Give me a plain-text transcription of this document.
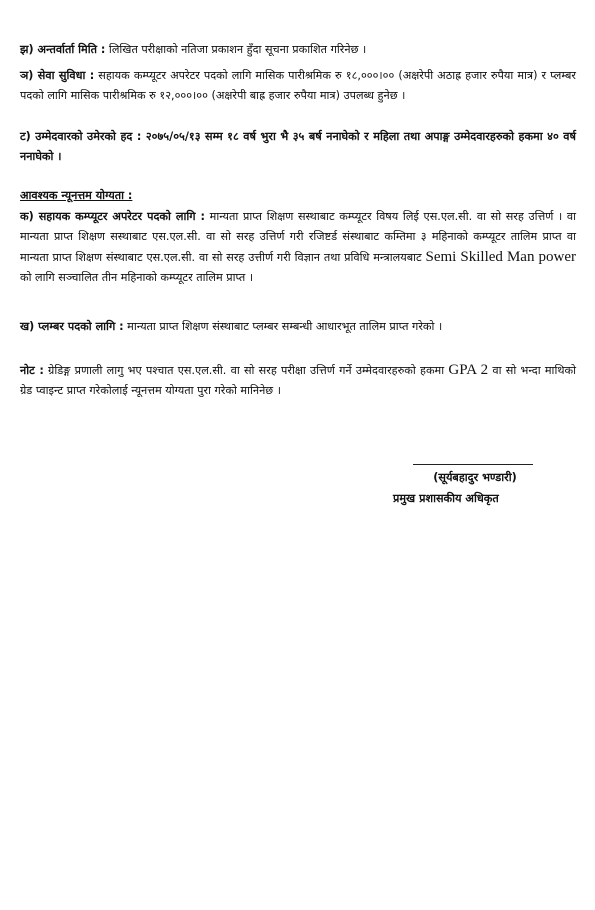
झ) अन्तर्वार्ता मिति : लिखित परीक्षाको नतिजा प्रकाशन हुँदा सूचना प्रकाशित गरिनेछ ।
ञ) सेवा सुविधा : सहायक कम्प्यूटर अपरेटर पदको लागि मासिक पारीश्रमिक रु १८,०००।०० (अक्षरेपी अठाह्र हजार रुपैया मात्र) र प्लम्बर पदको लागि मासिक पारीश्रमिक रु १२,०००।०० (अक्षरेपी बाह्र हजार रुपैया मात्र) उपलब्ध हुनेछ ।
ट) उम्मेदवारको उमेरको हद : २०७५/०५/१३ सम्म १८ वर्ष भुरा भै ३५ बर्ष ननाघेको र महिला तथा अपाङ्ग उम्मेदवारहरुको हकमा ४० वर्ष ननाघेको ।
आवश्यक न्यूनत्तम योग्यता :
क) सहायक कम्प्यूटर अपरेटर पदको लागि : मान्यता प्राप्त शिक्षण सस्थाबाट कम्प्यूटर विषय लिई एस.एल.सी. वा सो सरह उत्तिर्ण । वा मान्यता प्राप्त शिक्षण सस्थाबाट एस.एल.सी. वा सो सरह उत्तिर्ण गरी रजिष्टर्ड संस्थाबाट कम्तिमा ३ महिनाको कम्प्यूटर तालिम प्राप्त वा मान्यता प्राप्त शिक्षण संस्थाबाट एस.एल.सी. वा सो सरह उत्तीर्ण गरी विज्ञान तथा प्रविधि मन्त्रालयबाट Semi Skilled Man power को लागि सञ्चालित तीन महिनाको कम्प्यूटर तालिम प्राप्त ।
ख) प्लम्बर पदको लागि : मान्यता प्राप्त शिक्षण संस्थाबाट प्लम्बर सम्बन्धी आधारभूत तालिम प्राप्त गरेको ।
नोट : ग्रेडिङ्ग प्रणाली लागु भए पश्चात एस.एल.सी. वा सो सरह परीक्षा उत्तिर्ण गर्ने उम्मेदवारहरुको हकमा GPA 2 वा सो भन्दा माथिको ग्रेड प्वाइन्ट प्राप्त गरेकोलाई न्यूनत्तम योग्यता पुरा गरेको मानिनेछ ।
(सूर्यबहादुर भण्डारी)
प्रमुख प्रशासकीय अधिकृत
